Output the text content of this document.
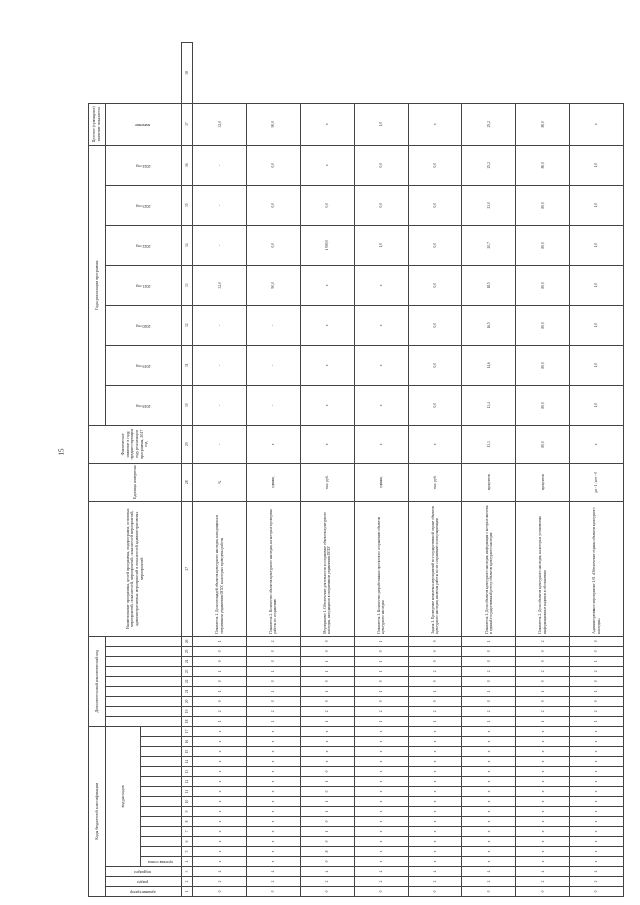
15
Коды бюджетной классификации																	Дополнительный аналитический код									Наименование программы, целей программы, подпрограмм, основных мероприятий, показателей, мероприятий, показателей мероприятий, административных мероприятий и показателей административных мероприятий	Единица измерения	Фактическое значение в году, предшествующем году реализации программы, 2017 год	Годы реализации программы							Целевое (суммарное) значение показателя	
администратор	раздел	подраздел	вид расходов																										2018 год	2019 год	2020 год	2021 год	2022 год	2023 год	2024 год	значение	
			целевая статья																																		
1	2	3	4	5	6	7	8	9	10	11	12	13	14	15	16	17	18	19	20	21	22	23	24	25	26	27	28	29	30	31	32	33	34	35	36	37	38
0	2	4	x	x	x	x	x	x	x	x	x	x	x	x	x	x	1	2	0	1	0	1	0	0	1	Показатель 1. Доля площадей объектов культурного наследия, находящихся в оперативном управлении ОГБУ, на которых проведены работы	%	-	-	-	-	32,0	-	-	-	32,0	
0	2	4	x	x	x	x	x	x	x	x	x	x	x	x	x	x	1	2	0	1	0	1	0	0	2	Показатель 2. Количество объектов культурного наследия, на которых проведены работы по сохранению	единиц	x	-	-	-	90,0	0,0	0,0	0,0	90,0	
0	2	4	0	8	0	1	0	1	1	0	1	0	x	x	x	x	1	2	0	1	0	1	1	0	0	Мероприятие 1. Обеспечение деятельности и сохранение объектов культурного наследия, находящихся в оперативном управлении ОГБУ	тыс. руб.	x	x	x	x	x	1 900,0	0,0	x	x	
0	2	4	x	x	x	x	x	x	x	x	x	x	x	x	x	x	1	2	0	1	0	1	1	0	1	Показатель 1. Количество разработанных проектов по сохранению объектов культурного наследия	единиц	x	x	x	x	x	1,0	0,0	0,0	1,0	
0	2	4	x	x	x	x	x	x	x	x	x	x	x	x	x	x	1	2	0	1	0	2	0	0	0	Задача 1. Проведение комплекса мероприятий по государственной охране объектов культурного наследия, включая работы по их сохранению и популяризации	тыс. руб.	x	0,0	0,0	0,0	0,0	0,0	0,0	0,0	x	
0	2	4	x	x	x	x	x	x	x	x	x	x	x	x	x	x	1	2	0	1	0	2	0	0	1	Показатель 1. Доля объектов культурного наследия, информация о которых внесена в единый государственный реестр объектов культурного наследия	процентов	13,3	13,4	14,6	16,5	18,5	20,7	23,0	25,2	25,2	
0	2	4	x	x	x	x	x	x	x	x	x	x	x	x	x	x	1	2	0	1	0	2	0	0	2	Показатель 2. Доля объектов культурного наследия, на которых установлены информационные надписи и обозначения	процентов	80,0	80,0	80,0	80,0	80,0	80,0	80,0	80,0	80,0	
0	2	4	x	x	x	x	x	x	x	x	x	x	x	x	x	x	1	2	0	1	0	2	1	0	0	Административное мероприятие 1.01 «Обеспечение охраны объектов культурного наследия»	да - 1 / нет - 0	x	1,0	1,0	1,0	1,0	1,0	1,0	1,0	x	
